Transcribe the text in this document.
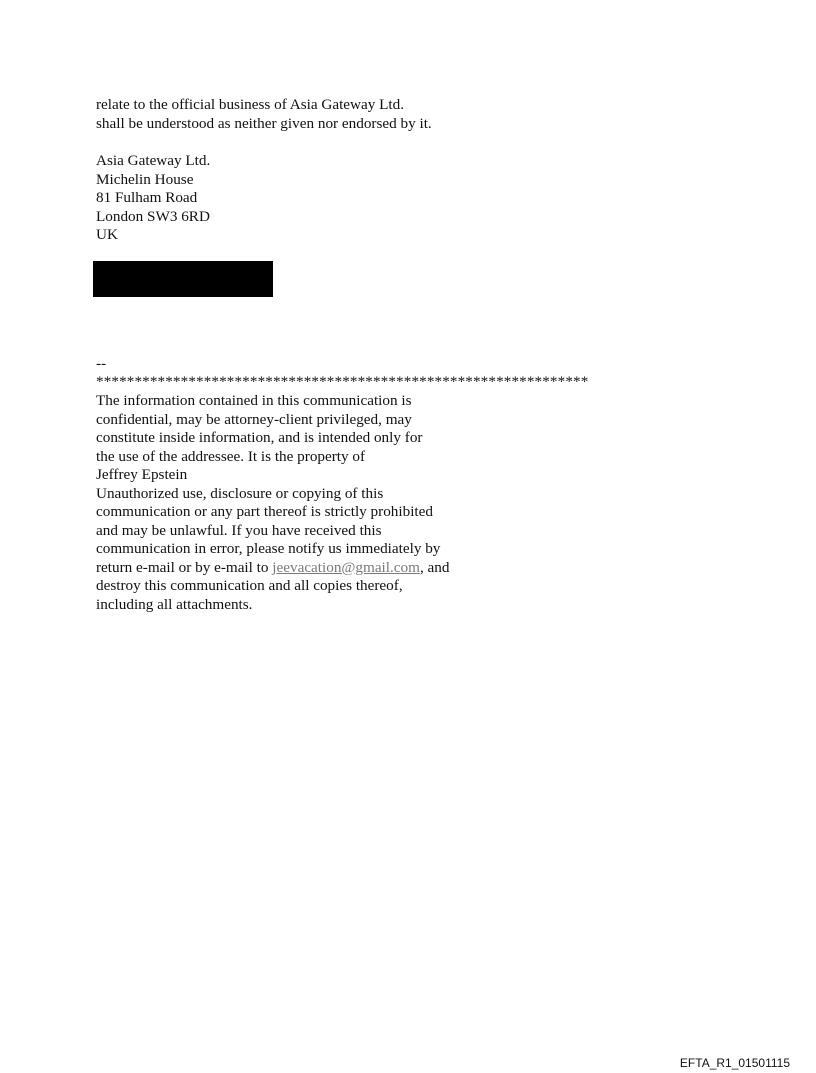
relate to the official business of Asia Gateway Ltd.
shall be understood as neither given nor endorsed by it.
Asia Gateway Ltd.
Michelin House
81 Fulham Road
London SW3 6RD
UK
--
****************************************************************
The information contained in this communication is
confidential, may be attorney-client privileged, may
constitute inside information, and is intended only for
the use of the addressee. It is the property of
Jeffrey Epstein
Unauthorized use, disclosure or copying of this
communication or any part thereof is strictly prohibited
and may be unlawful. If you have received this
communication in error, please notify us immediately by
return e-mail or by e-mail to jeevacation@gmail.com, and
destroy this communication and all copies thereof,
including all attachments.
EFTA_R1_01501115
